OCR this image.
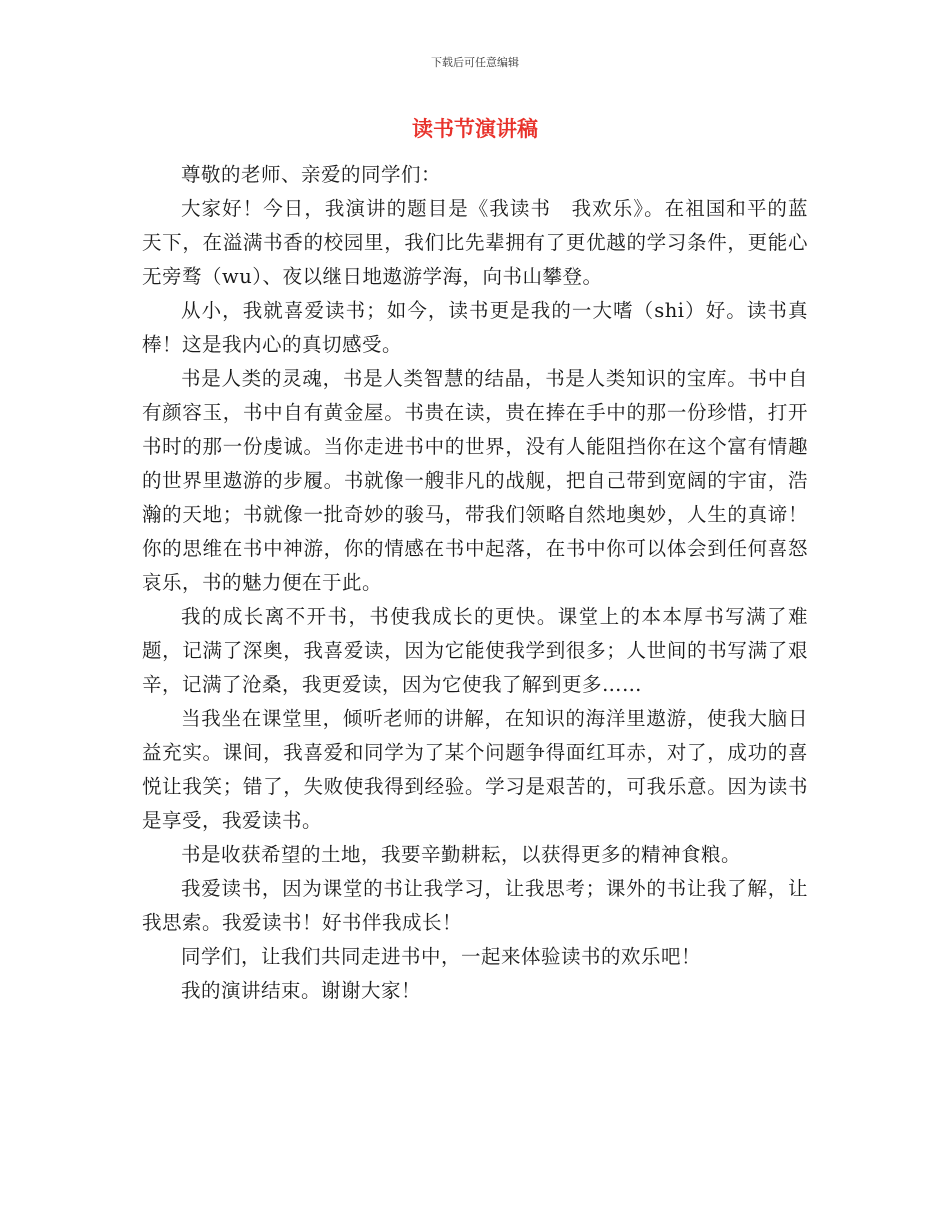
下载后可任意编辑
读书节演讲稿

尊敬的老师、亲爱的同学们：

大家好！今日，我演讲的题目是《我读书　我欢乐》。在祖国和平的蓝天下，在溢满书香的校园里，我们比先辈拥有了更优越的学习条件，更能心无旁骛（wu）、夜以继日地遨游学海，向书山攀登。

从小，我就喜爱读书；如今，读书更是我的一大嗜（shi）好。读书真棒！这是我内心的真切感受。

书是人类的灵魂，书是人类智慧的结晶，书是人类知识的宝库。书中自有颜容玉，书中自有黄金屋。书贵在读，贵在捧在手中的那一份珍惜，打开书时的那一份虔诚。当你走进书中的世界，没有人能阻挡你在这个富有情趣的世界里遨游的步履。书就像一艘非凡的战舰，把自己带到宽阔的宇宙，浩瀚的天地；书就像一批奇妙的骏马，带我们领略自然地奥妙，人生的真谛！你的思维在书中神游，你的情感在书中起落，在书中你可以体会到任何喜怒哀乐，书的魅力便在于此。

我的成长离不开书，书使我成长的更快。课堂上的本本厚书写满了难题，记满了深奥，我喜爱读，因为它能使我学到很多；人世间的书写满了艰辛，记满了沧桑，我更爱读，因为它使我了解到更多……

当我坐在课堂里，倾听老师的讲解，在知识的海洋里遨游，使我大脑日益充实。课间，我喜爱和同学为了某个问题争得面红耳赤，对了，成功的喜悦让我笑；错了，失败使我得到经验。学习是艰苦的，可我乐意。因为读书是享受，我爱读书。

书是收获希望的土地，我要辛勤耕耘，以获得更多的精神食粮。

我爱读书，因为课堂的书让我学习，让我思考；课外的书让我了解，让我思索。我爱读书！好书伴我成长！

同学们，让我们共同走进书中，一起来体验读书的欢乐吧！

我的演讲结束。谢谢大家！
